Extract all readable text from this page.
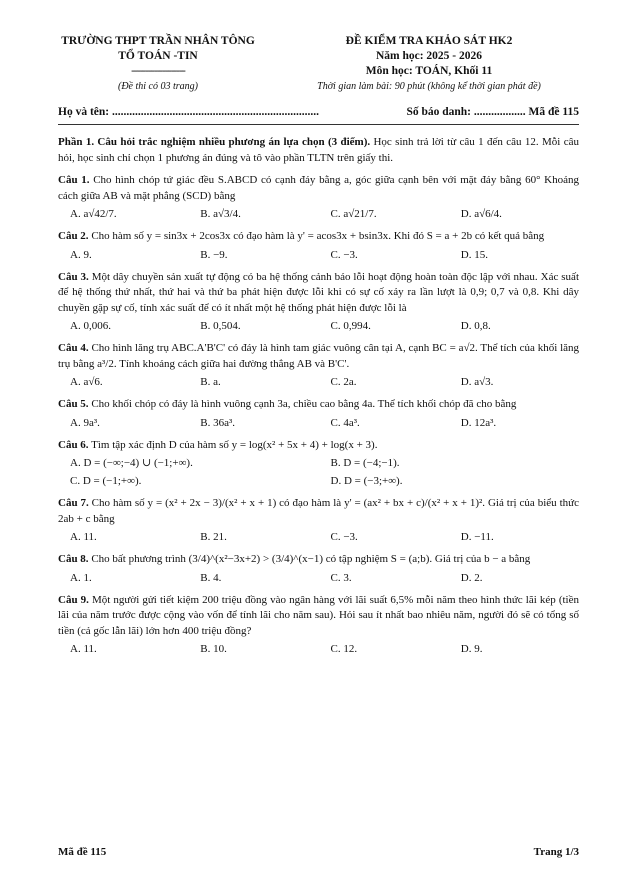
TRƯỜNG THPT TRẦN NHÂN TÔNG
TỔ TOÁN -TIN
-------------------
(Đề thi có 03 trang)
ĐỀ KIỂM TRA KHẢO SÁT HK2
Năm học: 2025 - 2026
Môn học: TOÁN, Khối 11
Thời gian làm bài: 90 phút (không kể thời gian phát đề)
Họ và tên: ........................................................................	Số báo danh: .................. Mã đề 115

Phần 1. Câu hỏi trắc nghiệm nhiều phương án lựa chọn (3 điểm). Học sinh trả lời từ câu 1 đến câu 12. Mỗi câu hỏi, học sinh chỉ chọn 1 phương án đúng và tô vào phần TLTN trên giấy thi.

Câu 1. Cho hình chóp tứ giác đều S.ABCD có cạnh đáy bằng a, góc giữa cạnh bên với mặt đáy bằng 60° Khoảng cách giữa AB và mặt phẳng (SCD) bằng

A. a√42/7.	B. a√3/4.	C. a√21/7.	D. a√6/4.

Câu 2. Cho hàm số y = sin3x + 2cos3x có đạo hàm là y' = acos3x + bsin3x. Khi đó S = a + 2b có kết quả bằng

A. 9.	B. −9.	C. −3.	D. 15.

Câu 3. Một dây chuyền sản xuất tự động có ba hệ thống cảnh báo lỗi hoạt động hoàn toàn độc lập với nhau. Xác suất để hệ thống thứ nhất, thứ hai và thứ ba phát hiện được lỗi khi có sự cố xảy ra lần lượt là 0,9; 0,7 và 0,8. Khi dây chuyền gặp sự cố, tính xác suất để có ít nhất một hệ thống phát hiện được lỗi là

A. 0,006.	B. 0,504.	C. 0,994.	D. 0,8.

Câu 4. Cho hình lăng trụ ABC.A'B'C' có đáy là hình tam giác vuông cân tại A, cạnh BC = a√2. Thể tích của khối lăng trụ bằng a³/2. Tính khoảng cách giữa hai đường thẳng AB và B'C'.

A. a√6.	B. a.	C. 2a.	D. a√3.

Câu 5. Cho khối chóp có đáy là hình vuông cạnh 3a, chiều cao bằng 4a. Thể tích khối chóp đã cho bằng

A. 9a³.	B. 36a³.	C. 4a³.	D. 12a³.

Câu 6. Tìm tập xác định D của hàm số y = log(x² + 5x + 4) + log(x + 3).

A. D = (−∞;−4) ∪ (−1;+∞).	B. D = (−4;−1).
C. D = (−1;+∞).	D. D = (−3;+∞).

Câu 7. Cho hàm số y = (x² + 2x − 3)/(x² + x + 1) có đạo hàm là y' = (ax² + bx + c)/(x² + x + 1)². Giá trị của biểu thức 2ab + c bằng

A. 11.	B. 21.	C. −3.	D. −11.

Câu 8. Cho bất phương trình (3/4)^(x²−3x+2) > (3/4)^(x−1) có tập nghiệm S = (a;b). Giá trị của b − a bằng

A. 1.	B. 4.	C. 3.	D. 2.

Câu 9. Một người gửi tiết kiệm 200 triệu đồng vào ngân hàng với lãi suất 6,5% mỗi năm theo hình thức lãi kép (tiền lãi của năm trước được cộng vào vốn để tính lãi cho năm sau). Hỏi sau ít nhất bao nhiêu năm, người đó sẽ có tổng số tiền (cả gốc lẫn lãi) lớn hơn 400 triệu đồng?

A. 11.	B. 10.	C. 12.	D. 9.
Mã đề 115	Trang 1/3
